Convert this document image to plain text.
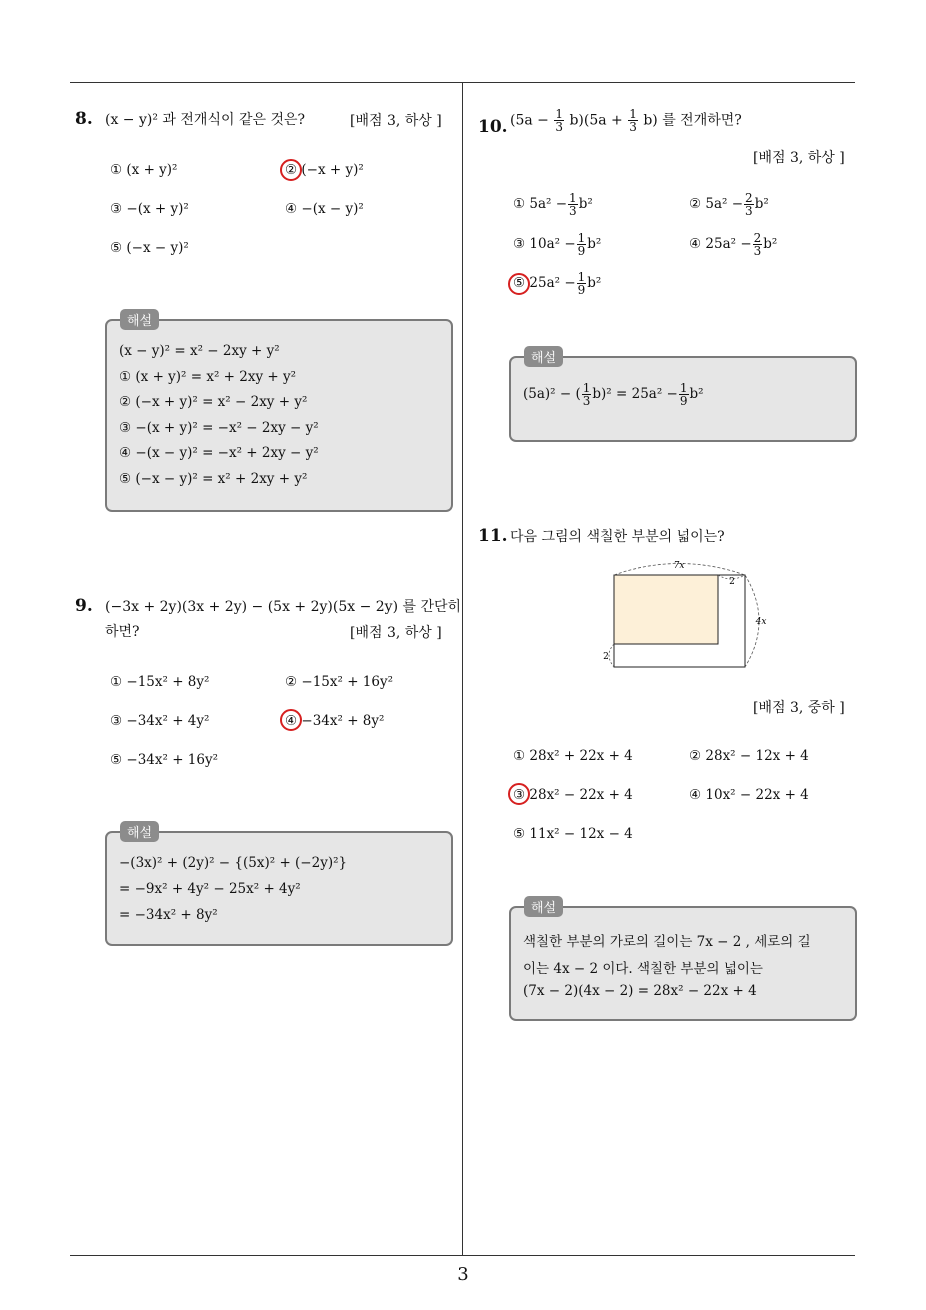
8. (x − y)² 과 전개식이 같은 것은?	[배점 3, 하상 ]
① (x + y)²	② (−x + y)²
③ −(x + y)²	④ −(x − y)²
⑤ (−x − y)²
(x − y)² = x² − 2xy + y²
① (x + y)² = x² + 2xy + y²
② (−x + y)² = x² − 2xy + y²
③ −(x + y)² = −x² − 2xy − y²
④ −(x − y)² = −x² + 2xy − y²
⑤ (−x − y)² = x² + 2xy + y²
해설
9. (−3x + 2y)(3x + 2y) − (5x + 2y)(5x − 2y) 를 간단히
하면?	[배점 3, 하상 ]
① −15x² + 8y²	② −15x² + 16y²
③ −34x² + 4y²	④ −34x² + 8y²
⑤ −34x² + 16y²
−(3x)² + (2y)² − {(5x)² + (−2y)²}
= −9x² + 4y² − 25x² + 4y²
= −34x² + 8y²
해설
10. $(5a - \frac{1}{3} b)(5a + \frac{1}{3} b)$ 를 전개하면?
[배점 3, 하상 ]
① $5a^2 - \frac{1}{3} b^2$	② $5a^2 - \frac{2}{3} b^2$
③ $10a^2 - \frac{1}{9} b^2$	④ $25a^2 - \frac{2}{3} b^2$
⑤ $25a^2 - \frac{1}{9} b^2$
(5a)² − ( $\frac{1}{3} b)^2 = 25a^2 - \frac{1}{9} b^2$
해설
11. 다음 그림의 색칠한 부분의 넓이는?
7x
4x
2
2
[배점 3, 중하 ]
① 28x² + 22x + 4	② 28x² − 12x + 4
③ 28x² − 22x + 4	④ 10x² − 22x + 4
⑤ 11x² − 12x − 4
색칠한 부분의 가로의 길이는 7x − 2 , 세로의 길
이는 4x − 2 이다. 색칠한 부분의 넓이는
(7x − 2)(4x − 2) = 28x² − 22x + 4
해설
3
